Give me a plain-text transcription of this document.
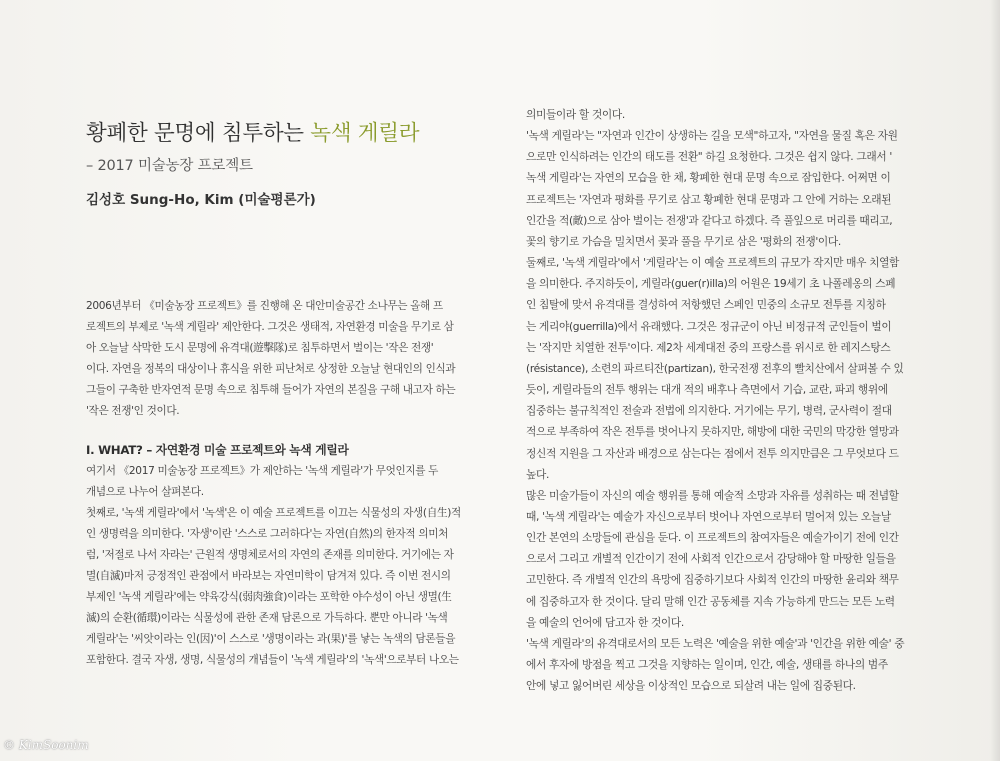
황폐한 문명에 침투하는 녹색 게릴라
– 2017 미술농장 프로젝트
김성호 Sung-Ho, Kim (미술평론가)

2006년부터 《미술농장 프로젝트》를 진행해 온 대안미술공간 소나무는 올해 프
로젝트의 부제로 '녹색 게릴라' 제안한다. 그것은 생태적, 자연환경 미술을 무기로 삼
아 오늘날 삭막한 도시 문명에 유격대(遊擊隊)로 침투하면서 벌이는 '작은 전쟁'
이다. 자연을 정복의 대상이나 휴식을 위한 피난처로 상정한 오늘날 현대인의 인식과
그들이 구축한 반자연적 문명 속으로 침투해 들어가 자연의 본질을 구해 내고자 하는
'작은 전쟁'인 것이다.

I. WHAT? – 자연환경 미술 프로젝트와 녹색 게릴라

여기서 《2017 미술농장 프로젝트》가 제안하는 '녹색 게릴라'가 무엇인지를 두
개념으로 나누어 살펴본다.

첫째로, '녹색 게릴라'에서 '녹색'은 이 예술 프로젝트를 이끄는 식물성의 자생(自生)적
인 생명력을 의미한다. '자생'이란 '스스로 그러하다'는 자연(自然)의 한자적 의미처
럼, '저절로 나서 자라는' 근원적 생명체로서의 자연의 존재를 의미한다. 거기에는 자
멸(自滅)마저 긍정적인 관점에서 바라보는 자연미학이 담겨져 있다. 즉 이번 전시의
부제인 '녹색 게릴라'에는 약육강식(弱肉強食)이라는 포학한 야수성이 아닌 생멸(生
滅)의 순환(循環)이라는 식물성에 관한 존재 담론으로 가득하다. 뿐만 아니라 '녹색
게릴라'는 '씨앗이라는 인(因)'이 스스로 '생명이라는 과(果)'를 낳는 녹색의 담론들을
포함한다. 결국 자생, 생명, 식물성의 개념들이 '녹색 게릴라'의 '녹색'으로부터 나오는

의미들이라 할 것이다.

'녹색 게릴라'는 "자연과 인간이 상생하는 길을 모색"하고자, "자연을 물질 혹은 자원
으로만 인식하려는 인간의 태도를 전환" 하길 요청한다. 그것은 쉽지 않다. 그래서 '
녹색 게릴라'는 자연의 모습을 한 채, 황폐한 현대 문명 속으로 잠입한다. 어쩌면 이
프로젝트는 '자연과 평화를 무기로 삼고 황폐한 현대 문명과 그 안에 거하는 오래된
인간을 적(敵)으로 삼아 벌이는 전쟁'과 같다고 하겠다. 즉 풀잎으로 머리를 때리고,
꽃의 향기로 가슴을 밀치면서 꽃과 풀을 무기로 삼은 '평화의 전쟁'이다.

둘째로, '녹색 게릴라'에서 '게릴라'는 이 예술 프로젝트의 규모가 작지만 매우 치열함
을 의미한다. 주지하듯이, 게릴라(guer(r)illa)의 어원은 19세기 초 나폴레옹의 스페
인 침탈에 맞서 유격대를 결성하여 저항했던 스페인 민중의 소규모 전투를 지칭하
는 게리야(guerrilla)에서 유래했다. 그것은 정규군이 아닌 비정규적 군인들이 벌이
는 '작지만 치열한 전투'이다. 제2차 세계대전 중의 프랑스를 위시로 한 레지스탕스
(résistance), 소련의 파르티잔(partizan), 한국전쟁 전후의 빨치산에서 살펴볼 수 있
듯이, 게릴라들의 전투 행위는 대개 적의 배후나 측면에서 기습, 교란, 파괴 행위에
집중하는 불규칙적인 전술과 전법에 의지한다. 거기에는 무기, 병력, 군사력이 절대
적으로 부족하여 작은 전투를 벗어나지 못하지만, 해방에 대한 국민의 막강한 열망과
정신적 지원을 그 자산과 배경으로 삼는다는 점에서 전투 의지만큼은 그 무엇보다 드
높다.

많은 미술가들이 자신의 예술 행위를 통해 예술적 소망과 자유를 성취하는 때 전념할
때, '녹색 게릴라'는 예술가 자신으로부터 벗어나 자연으로부터 멀어져 있는 오늘날
인간 본연의 소망들에 관심을 둔다. 이 프로젝트의 참여자들은 예술가이기 전에 인간
으로서 그리고 개별적 인간이기 전에 사회적 인간으로서 감당해야 할 마땅한 일들을
고민한다. 즉 개별적 인간의 욕망에 집중하기보다 사회적 인간의 마땅한 윤리와 책무
에 집중하고자 한 것이다. 달리 말해 인간 공동체를 지속 가능하게 만드는 모든 노력
을 예술의 언어에 담고자 한 것이다.

'녹색 게릴라'의 유격대로서의 모든 노력은 '예술을 위한 예술'과 '인간을 위한 예술' 중
에서 후자에 방점을 찍고 그것을 지향하는 일이며, 인간, 예술, 생태를 하나의 범주
안에 넣고 잃어버린 세상을 이상적인 모습으로 되살려 내는 일에 집중된다.

© KimSoonim
